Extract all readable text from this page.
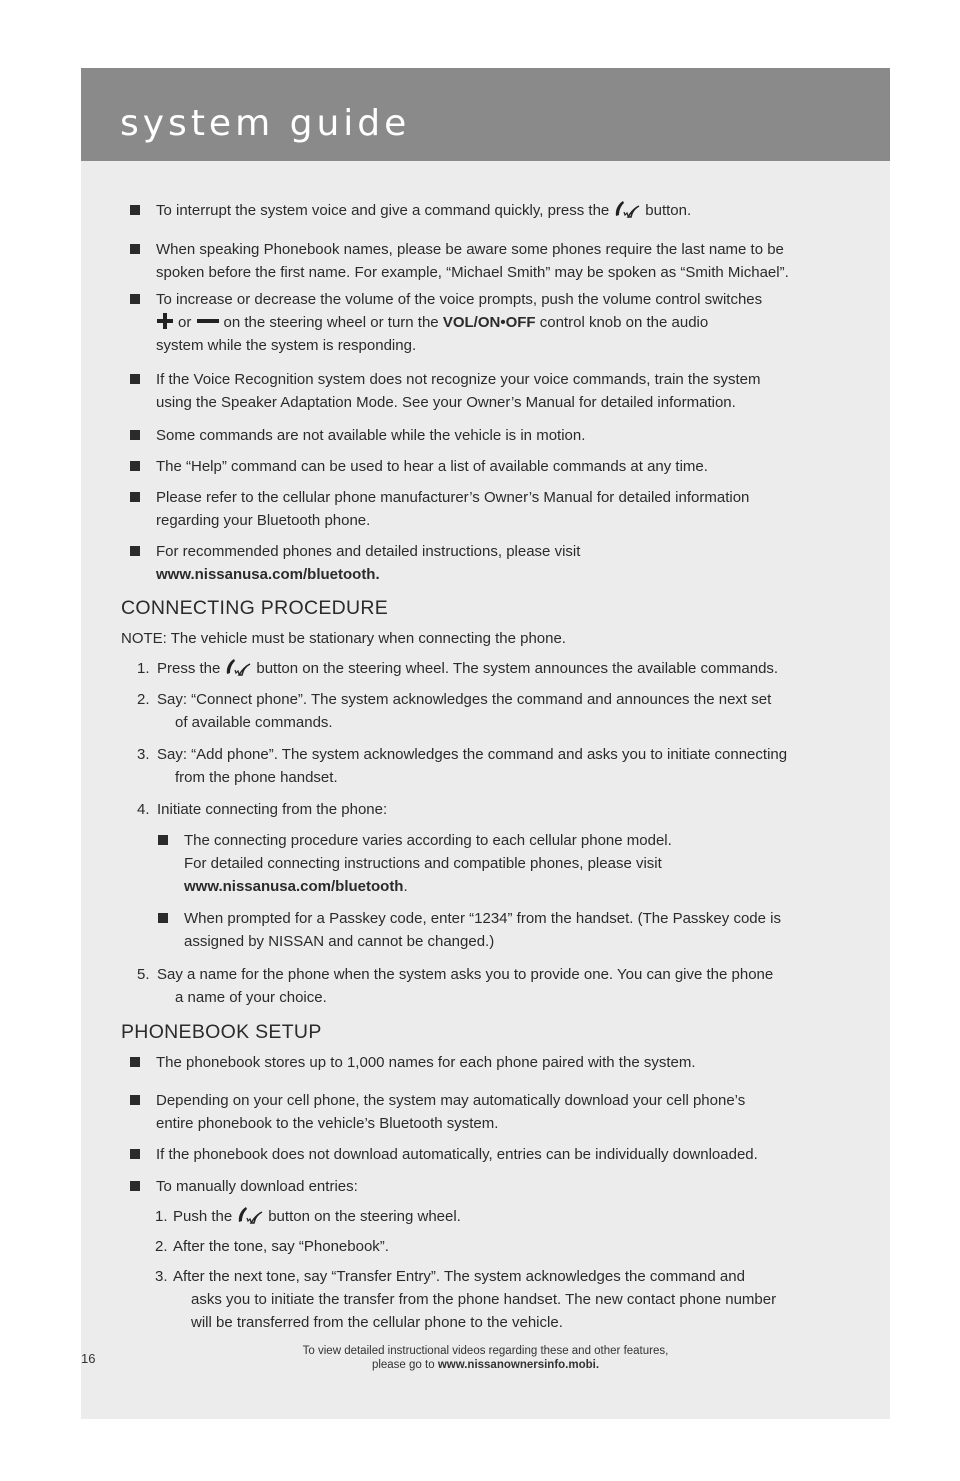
system guide
To interrupt the system voice and give a command quickly, press the button.
When speaking Phonebook names, please be aware some phones require the last name to be
spoken before the first name. For example, “Michael Smith” may be spoken as “Smith Michael”.
To increase or decrease the volume of the voice prompts, push the volume control switches
or on the steering wheel or turn the VOL/ON•OFF control knob on the audio
system while the system is responding.
If the Voice Recognition system does not recognize your voice commands, train the system
using the Speaker Adaptation Mode. See your Owner’s Manual for detailed information.
Some commands are not available while the vehicle is in motion.
The “Help” command can be used to hear a list of available commands at any time.
Please refer to the cellular phone manufacturer’s Owner’s Manual for detailed information
regarding your Bluetooth phone.
For recommended phones and detailed instructions, please visit
www.nissanusa.com/bluetooth.
CONNECTING PROCEDURE
NOTE: The vehicle must be stationary when connecting the phone.
1. Press the button on the steering wheel. The system announces the available commands.
2. Say: “Connect phone”. The system acknowledges the command and announces the next set
of available commands.
3. Say: “Add phone”. The system acknowledges the command and asks you to initiate connecting
from the phone handset.
4. Initiate connecting from the phone:
The connecting procedure varies according to each cellular phone model.
For detailed connecting instructions and compatible phones, please visit
www.nissanusa.com/bluetooth.
When prompted for a Passkey code, enter “1234” from the handset. (The Passkey code is
assigned by NISSAN and cannot be changed.)
5. Say a name for the phone when the system asks you to provide one. You can give the phone
a name of your choice.
PHONEBOOK SETUP
The phonebook stores up to 1,000 names for each phone paired with the system.
Depending on your cell phone, the system may automatically download your cell phone’s
entire phonebook to the vehicle’s Bluetooth system.
If the phonebook does not download automatically, entries can be individually downloaded.
To manually download entries:
1. Push the button on the steering wheel.
2. After the tone, say “Phonebook”.
3. After the next tone, say “Transfer Entry”. The system acknowledges the command and
asks you to initiate the transfer from the phone handset. The new contact phone number
will be transferred from the cellular phone to the vehicle.
16	To view detailed instructional videos regarding these and other features,
please go to www.nissanownersinfo.mobi.
